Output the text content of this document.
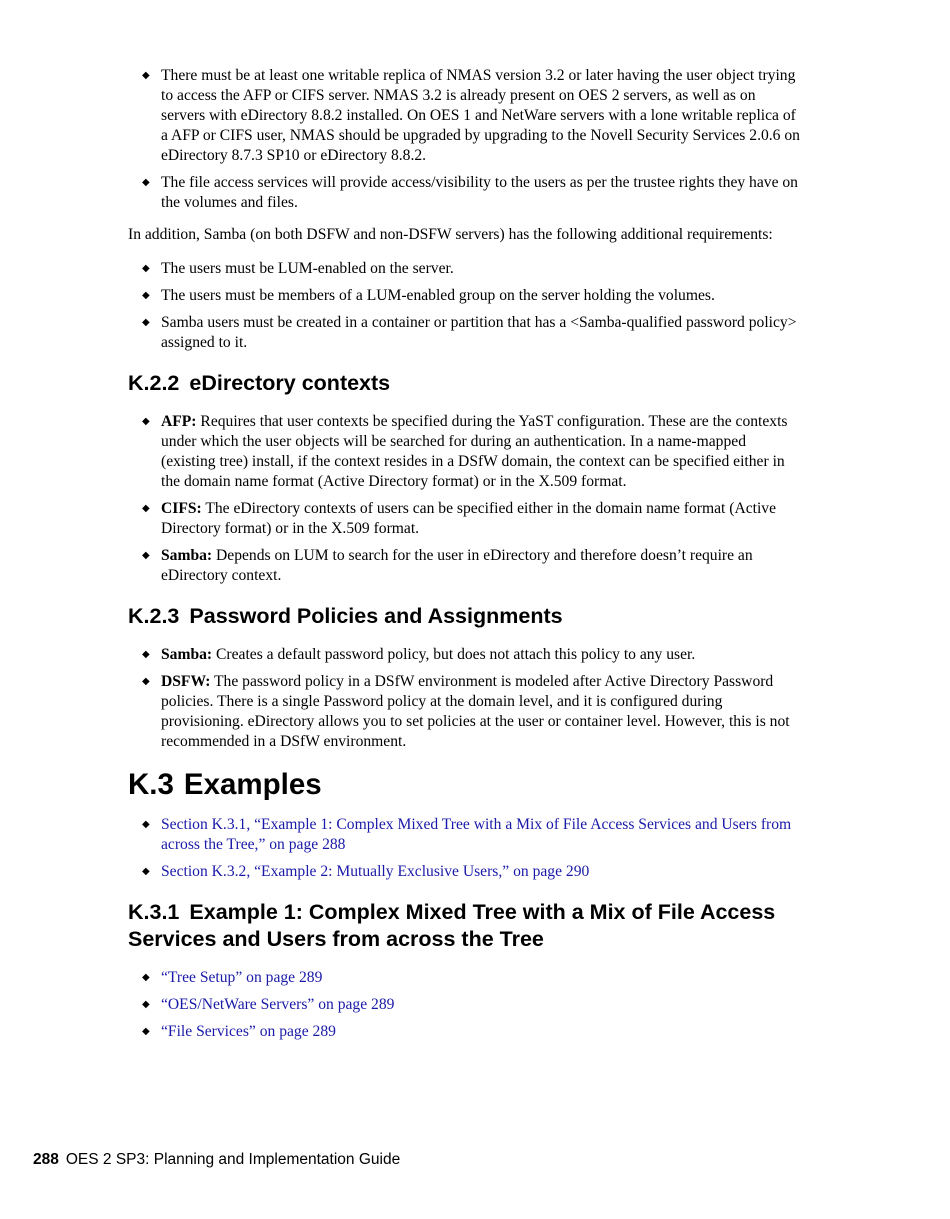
◆ There must be at least one writable replica of NMAS version 3.2 or later having the user object trying to access the AFP or CIFS server. NMAS 3.2 is already present on OES 2 servers, as well as on servers with eDirectory 8.8.2 installed. On OES 1 and NetWare servers with a lone writable replica of a AFP or CIFS user, NMAS should be upgraded by upgrading to the Novell Security Services 2.0.6 on eDirectory 8.7.3 SP10 or eDirectory 8.8.2.
◆ The file access services will provide access/visibility to the users as per the trustee rights they have on the volumes and files.

In addition, Samba (on both DSFW and non-DSFW servers) has the following additional requirements:

◆ The users must be LUM-enabled on the server.
◆ The users must be members of a LUM-enabled group on the server holding the volumes.
◆ Samba users must be created in a container or partition that has a <Samba-qualified password policy> assigned to it.
K.2.2 eDirectory contexts
◆ AFP: Requires that user contexts be specified during the YaST configuration. These are the contexts under which the user objects will be searched for during an authentication. In a name-mapped (existing tree) install, if the context resides in a DSfW domain, the context can be specified either in the domain name format (Active Directory format) or in the X.509 format.
◆ CIFS: The eDirectory contexts of users can be specified either in the domain name format (Active Directory format) or in the X.509 format.
◆ Samba: Depends on LUM to search for the user in eDirectory and therefore doesn’t require an eDirectory context.
K.2.3 Password Policies and Assignments
◆ Samba: Creates a default password policy, but does not attach this policy to any user.
◆ DSFW: The password policy in a DSfW environment is modeled after Active Directory Password policies. There is a single Password policy at the domain level, and it is configured during provisioning. eDirectory allows you to set policies at the user or container level. However, this is not recommended in a DSfW environment.
K.3 Examples
◆ Section K.3.1, “Example 1: Complex Mixed Tree with a Mix of File Access Services and Users from across the Tree,” on page 288
◆ Section K.3.2, “Example 2: Mutually Exclusive Users,” on page 290
K.3.1 Example 1: Complex Mixed Tree with a Mix of File Access Services and Users from across the Tree
◆ “Tree Setup” on page 289
◆ “OES/NetWare Servers” on page 289
◆ “File Services” on page 289
288 OES 2 SP3: Planning and Implementation Guide
